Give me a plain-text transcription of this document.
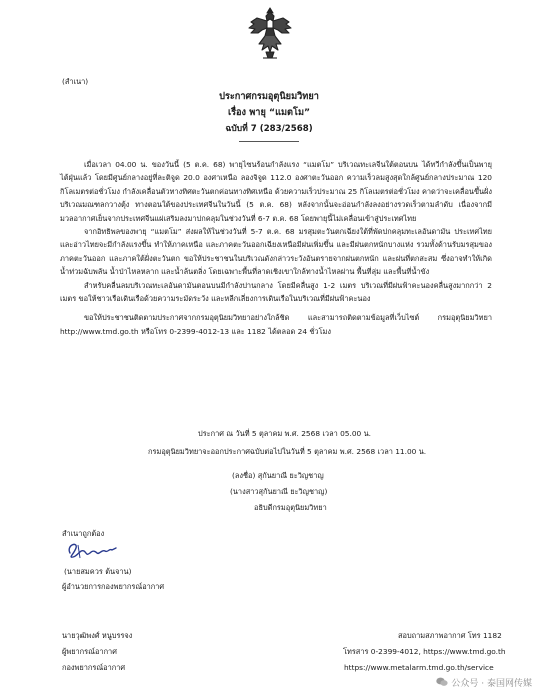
(สำเนา)
ประกาศกรมอุตุนิยมวิทยา
เรื่อง พายุ “แมตโม”
ฉบับที่ 7 (283/2568)

เมื่อเวลา 04.00 น. ของวันนี้ (5 ต.ค. 68) พายุไซนร้อนกำลังแรง “แมตโม” บริเวณทะเลจีนใต้ตอนบน ได้ทวีกำลังขึ้นเป็นพายุไต้ฝุ่นแล้ว โดยมีศูนย์กลางอยู่ที่ละติจูด 20.0 องศาเหนือ ลองจิจูด 112.0 องศาตะวันออก ความเร็วลมสูงสุดใกล้ศูนย์กลางประมาณ 120 กิโลเมตรต่อชั่วโมง กำลังเคลื่อนตัวทางทิศตะวันตกค่อนทางทิศเหนือ ด้วยความเร็วประมาณ 25 กิโลเมตรต่อชั่วโมง คาดว่าจะเคลื่อนขึ้นฝั่งบริเวณมณฑลกวางตุ้ง ทางตอนใต้ของประเทศจีนในวันนี้ (5 ต.ค. 68) หลังจากนั้นจะอ่อนกำลังลงอย่างรวดเร็วตามลำดับ เนื่องจากมีมวลอากาศเย็นจากประเทศจีนแผ่เสริมลงมาปกคลุมในช่วงวันที่ 6-7 ต.ค. 68 โดยพายุนี้ไม่เคลื่อนเข้าสู่ประเทศไทย

จากอิทธิพลของพายุ “แมตโม” ส่งผลให้ในช่วงวันที่ 5-7 ต.ค. 68 มรสุมตะวันตกเฉียงใต้ที่พัดปกคลุมทะเลอันดามัน ประเทศไทย และอ่าวไทยจะมีกำลังแรงขึ้น ทำให้ภาคเหนือ และภาคตะวันออกเฉียงเหนือมีฝนเพิ่มขึ้น และมีฝนตกหนักบางแห่ง รวมทั้งด้านรับมรสุมของภาคตะวันออก และภาคใต้ฝั่งตะวันตก ขอให้ประชาชนในบริเวณดังกล่าวระวังอันตรายจากฝนตกหนัก และฝนที่ตกสะสม ซึ่งอาจทำให้เกิดน้ำท่วมฉับพลัน น้ำป่าไหลหลาก และน้ำล้นตลิ่ง โดยเฉพาะพื้นที่ลาดเชิงเขาใกล้ทางน้ำไหลผ่าน พื้นที่ลุ่ม และพื้นที่น้ำขัง

สำหรับคลื่นลมบริเวณทะเลอันดามันตอนบนมีกำลังปานกลาง โดยมีคลื่นสูง 1-2 เมตร บริเวณที่มีฝนฟ้าคะนองคลื่นสูงมากกว่า 2 เมตร ขอให้ชาวเรือเดินเรือด้วยความระมัดระวัง และหลีกเลี่ยงการเดินเรือในบริเวณที่มีฝนฟ้าคะนอง

ขอให้ประชาชนติดตามประกาศจากกรมอุตุนิยมวิทยาอย่างใกล้ชิด และสามารถติดตามข้อมูลที่เว็บไซต์ กรมอุตุนิยมวิทยา http://www.tmd.go.th หรือโทร 0-2399-4012-13 และ 1182 ได้ตลอด 24 ชั่วโมง

ประกาศ ณ วันที่ 5 ตุลาคม พ.ศ. 2568 เวลา 05.00 น.
กรมอุตุนิยมวิทยาจะออกประกาศฉบับต่อไปในวันที่ 5 ตุลาคม พ.ศ. 2568 เวลา 11.00 น.
(ลงชื่อ) สุกันยาณี ยะวิญชาญ
(นางสาวสุกันยาณี ยะวิญชาญ)
อธิบดีกรมอุตุนิยมวิทยา
สำเนาถูกต้อง
(นายสมควร ต้นจาน)
ผู้อำนวยการกองพยากรณ์อากาศ
นายวุฒิพงศ์ หนูบรรจง
ผู้พยากรณ์อากาศ
กองพยากรณ์อากาศ
สอบถามสภาพอากาศ โทร 1182
โทรสาร 0-2399-4012, https://www.tmd.go.th
https://www.metalarm.tmd.go.th/service
公众号 · 泰国网传媒
